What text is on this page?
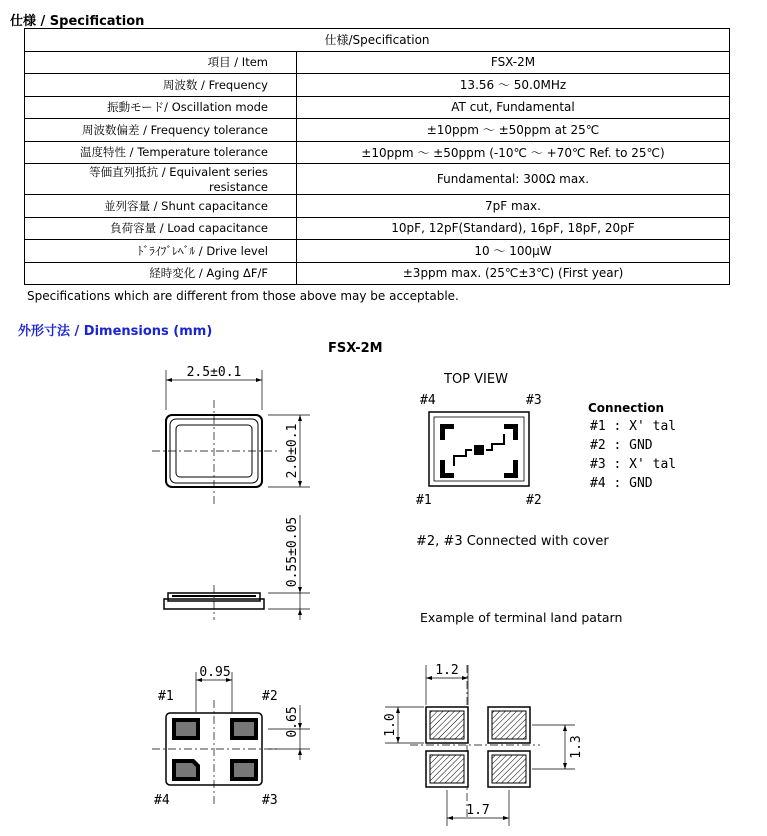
仕様 / Specification
仕様/Specification	
項目 / Item	FSX-2M
周波数 / Frequency	13.56 ～ 50.0MHz
振動モード/ Oscillation mode	AT cut, Fundamental
周波数偏差 / Frequency tolerance	±10ppm ～ ±50ppm at 25℃
温度特性 / Temperature tolerance	±10ppm ～ ±50ppm (-10℃ ～ +70℃ Ref. to 25℃)
等価直列抵抗 / Equivalent series resistance	Fundamental: 300Ω max.
並列容量 / Shunt capacitance	7pF max.
負荷容量 / Load capacitance	10pF, 12pF(Standard), 16pF, 18pF, 20pF
ﾄﾞﾗｲﾌﾞﾚﾍﾞﾙ / Drive level	10 ～ 100μW
経時変化 / Aging ΔF/F	±3ppm max. (25℃±3℃) (First year)
Specifications which are different from those above may be acceptable.
外形寸法 / Dimensions (mm)
FSX-2M
2.5±0.1
2.0±0.1
0.55±0.05
0.95
0.65
#1	#2
#4	#3
TOP VIEW
#4	#3
#1	#2
Connection
#1 : X' tal
#2 : GND
#3 : X' tal
#4 : GND
#2, #3 Connected with cover
Example of terminal land patarn
1.2
1.0
1.3
1.7
